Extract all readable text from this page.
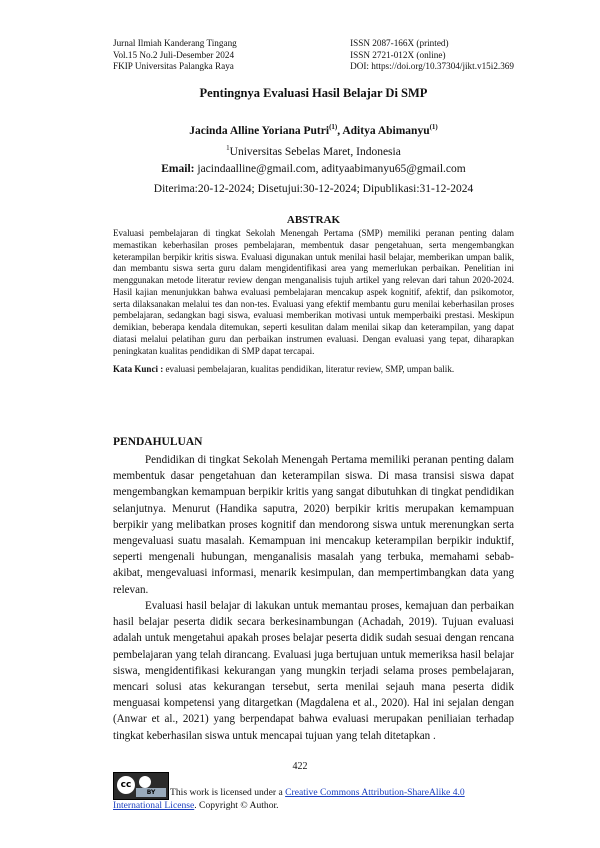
Jurnal Ilmiah Kanderang Tingang
Vol.15 No.2 Juli-Desember 2024
FKIP Universitas Palangka Raya
ISSN 2087-166X (printed)
ISSN 2721-012X (online)
DOI: https://doi.org/10.37304/jikt.v15i2.369
Pentingnya Evaluasi Hasil Belajar Di SMP
Jacinda Alline Yoriana Putri$^{(1)}$, Aditya Abimanyu$^{(1)}$
$^1$Universitas Sebelas Maret, Indonesia
Email: jacindaalline@gmail.com, adityaabimanyu65@gmail.com
Diterima:20-12-2024; Disetujui:30-12-2024; Dipublikasi:31-12-2024
ABSTRAK

Evaluasi pembelajaran di tingkat Sekolah Menengah Pertama (SMP) memiliki peranan penting dalam memastikan keberhasilan proses pembelajaran, membentuk dasar pengetahuan, serta mengembangkan keterampilan berpikir kritis siswa. Evaluasi digunakan untuk menilai hasil belajar, memberikan umpan balik, dan membantu siswa serta guru dalam mengidentifikasi area yang memerlukan perbaikan. Penelitian ini menggunakan metode literatur review dengan menganalisis tujuh artikel yang relevan dari tahun 2020-2024. Hasil kajian menunjukkan bahwa evaluasi pembelajaran mencakup aspek kognitif, afektif, dan psikomotor, serta dilaksanakan melalui tes dan non-tes. Evaluasi yang efektif membantu guru menilai keberhasilan proses pembelajaran, sedangkan bagi siswa, evaluasi memberikan motivasi untuk memperbaiki prestasi. Meskipun demikian, beberapa kendala ditemukan, seperti kesulitan dalam menilai sikap dan keterampilan, yang dapat diatasi melalui pelatihan guru dan perbaikan instrumen evaluasi. Dengan evaluasi yang tepat, diharapkan peningkatan kualitas pendidikan di SMP dapat tercapai.

Kata Kunci : evaluasi pembelajaran, kualitas pendidikan, literatur review, SMP, umpan balik.

PENDAHULUAN

Pendidikan di tingkat Sekolah Menengah Pertama memiliki peranan penting dalam membentuk dasar pengetahuan dan keterampilan siswa. Di masa transisi siswa dapat mengembangkan kemampuan berpikir kritis yang sangat dibutuhkan di tingkat pendidikan selanjutnya. Menurut (Handika saputra, 2020) berpikir kritis merupakan kemampuan berpikir yang melibatkan proses kognitif dan mendorong siswa untuk merenungkan serta mengevaluasi suatu masalah. Kemampuan ini mencakup keterampilan berpikir induktif, seperti mengenali hubungan, menganalisis masalah yang terbuka, memahami sebab-akibat, mengevaluasi informasi, menarik kesimpulan, dan mempertimbangkan data yang relevan.

Evaluasi hasil belajar di lakukan untuk memantau proses, kemajuan dan perbaikan hasil belajar peserta didik secara berkesinambungan (Achadah, 2019). Tujuan evaluasi adalah untuk mengetahui apakah proses belajar peserta didik sudah sesuai dengan rencana pembelajaran yang telah dirancang. Evaluasi juga bertujuan untuk memeriksa hasil belajar siswa, mengidentifikasi kekurangan yang mungkin terjadi selama proses pembelajaran, mencari solusi atas kekurangan tersebut, serta menilai sejauh mana peserta didik menguasai kompetensi yang ditargetkan (Magdalena et al., 2020). Hal ini sejalan dengan (Anwar et al., 2021) yang berpendapat bahwa evaluasi merupakan peniliaian terhadap tingkat keberhasilan siswa untuk mencapai tujuan yang telah ditetapkan .

422
cc
BY	This work is licensed under a Creative Commons Attribution-ShareAlike 4.0
International License. Copyright © Author.
